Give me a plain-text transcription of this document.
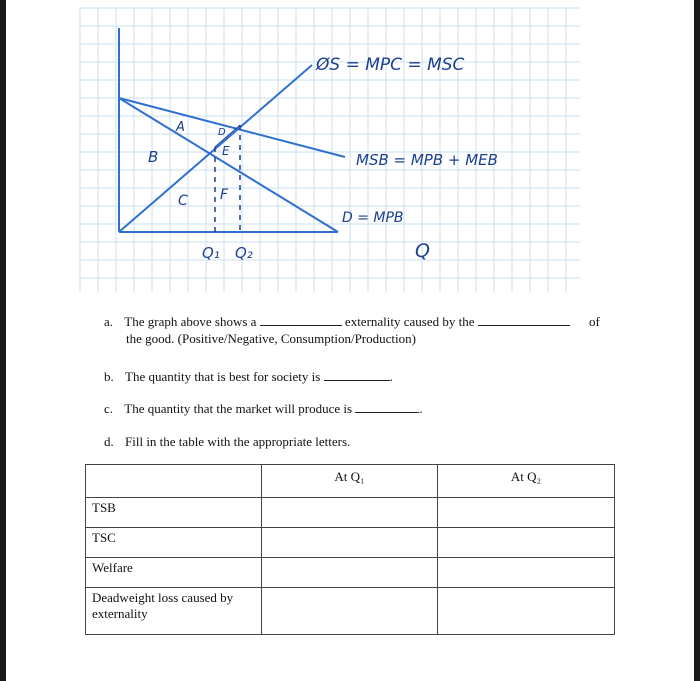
ØS = MPC = MSC
MSB = MPB + MEB
D = MPB
Q
Q₁ Q₂
A
B
C
D
E
F
a. The graph above shows a	externality caused by the	of
the good. (Positive/Negative, Consumption/Production)
b. The quantity that is best for society is	.
c. The quantity that the market will produce is	.
d. Fill in the table with the appropriate letters.
	At Q₁	At Q₂
TSB		
TSC		
Welfare		
Deadweight loss caused by externality		
